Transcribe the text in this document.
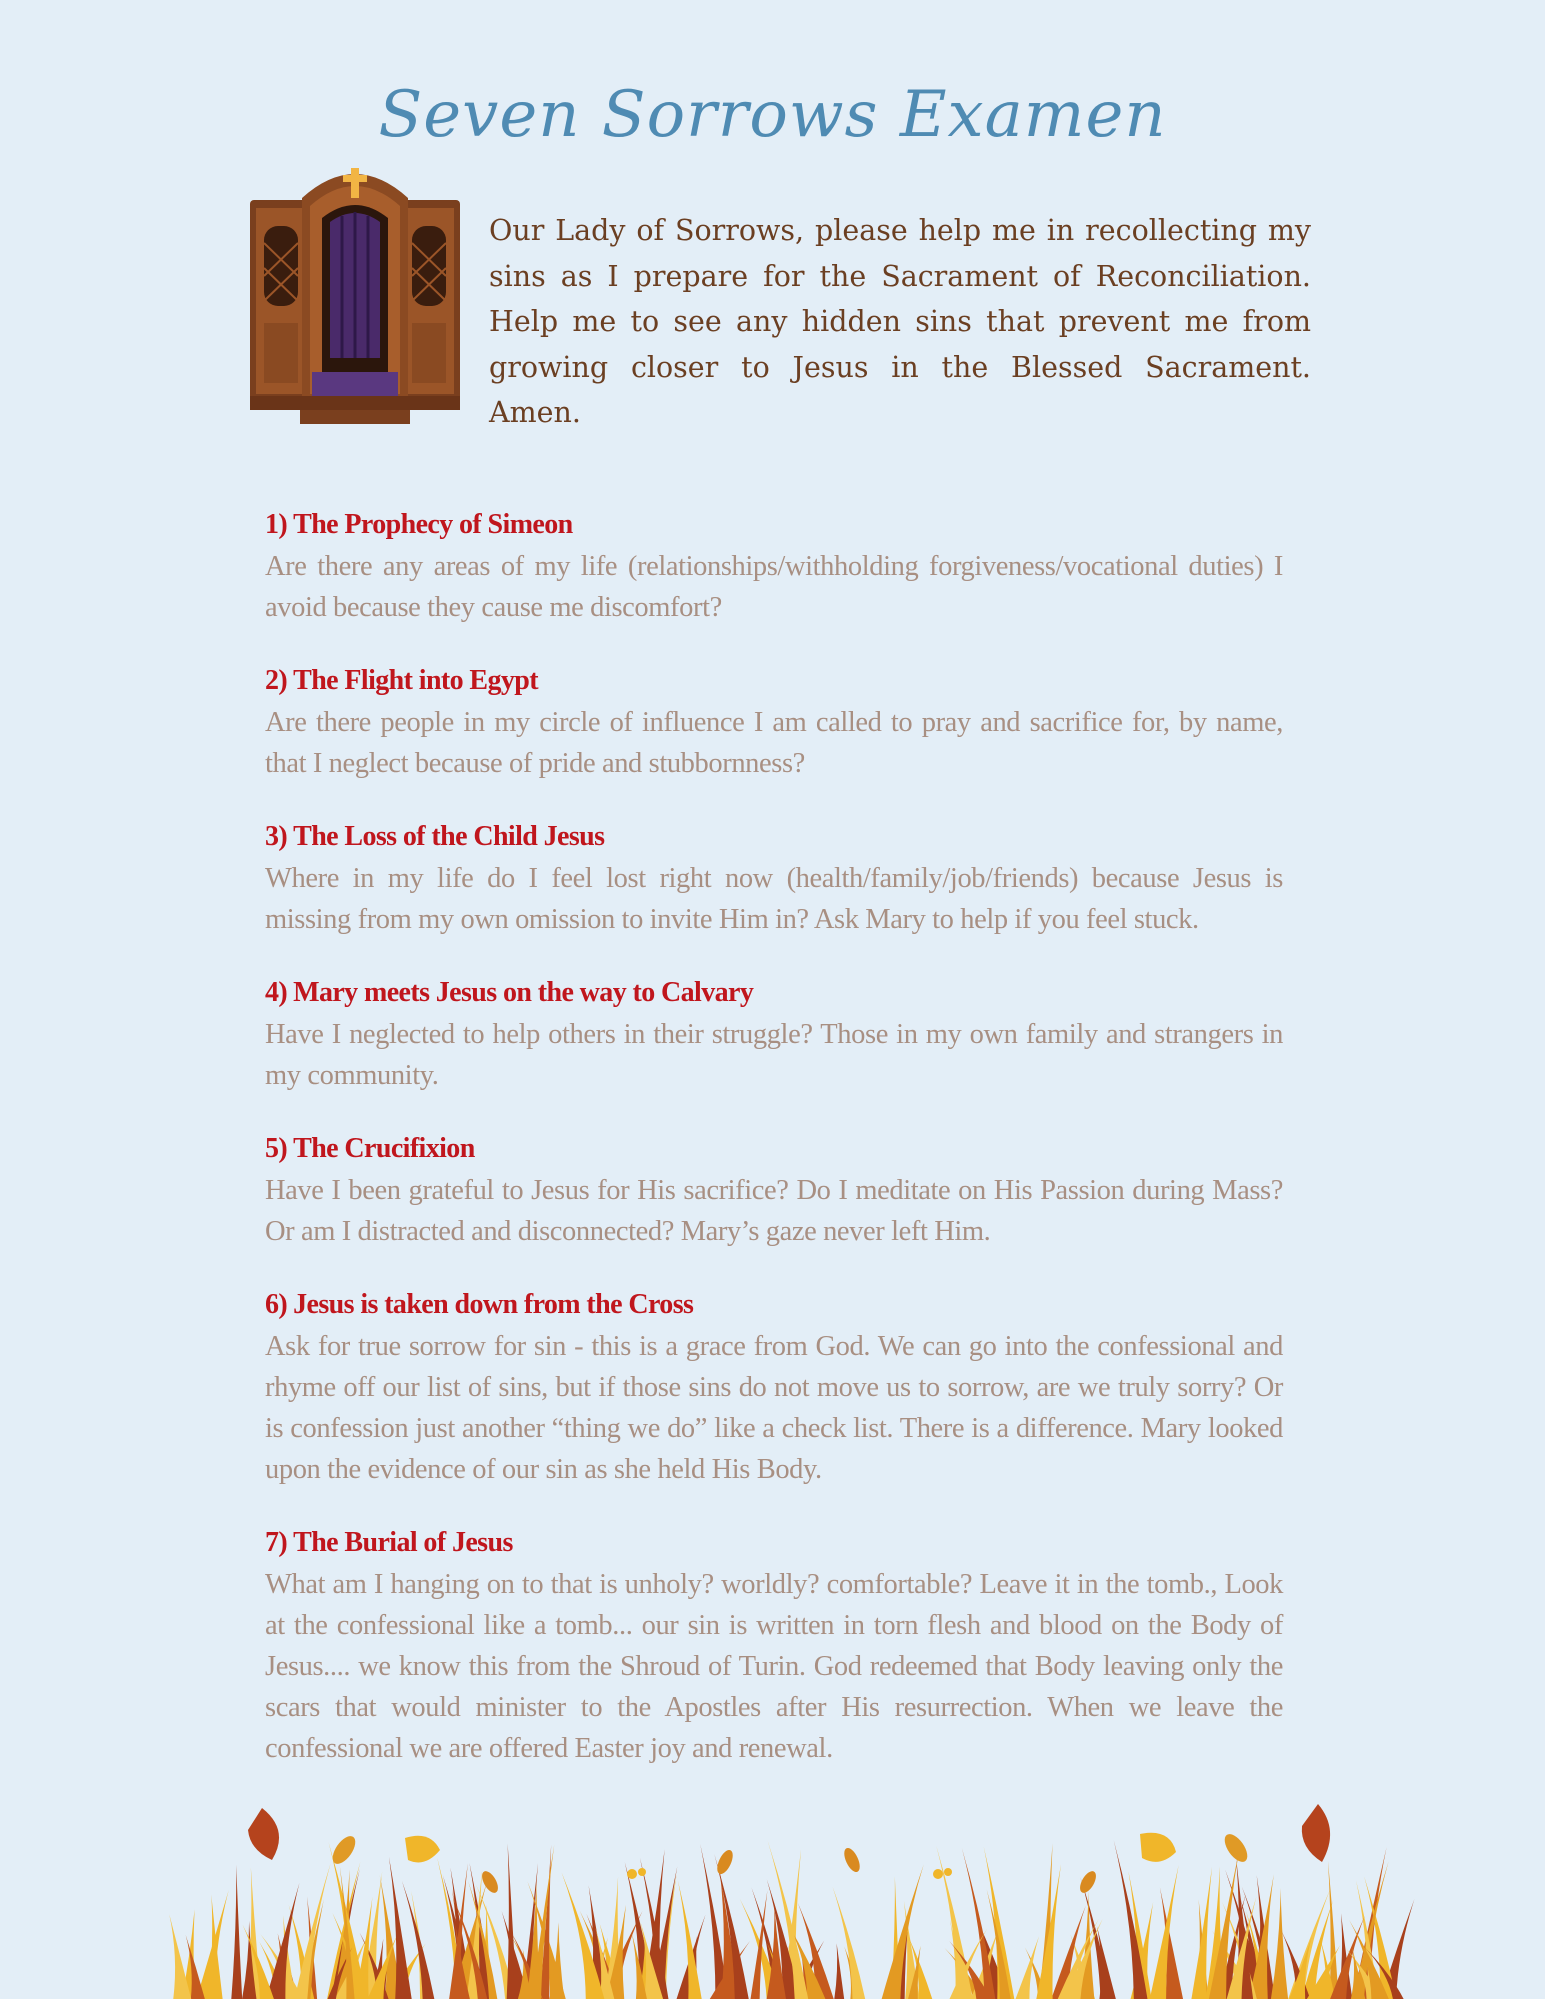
Seven Sorrows Examen
Our Lady of Sorrows, please help me in recollecting my sins as I prepare for the Sacrament of Reconciliation. Help me to see any hidden sins that prevent me from growing closer to Jesus in the Blessed Sacrament. Amen.
1) The Prophecy of Simeon
Are there any areas of my life (relationships/withholding forgiveness/vocational duties) I avoid because they cause me discomfort?
2) The Flight into Egypt
Are there people in my circle of influence I am called to pray and sacrifice for, by name, that I neglect because of pride and stubbornness?
3) The Loss of the Child Jesus
Where in my life do I feel lost right now (health/family/job/friends) because Jesus is missing from my own omission to invite Him in? Ask Mary to help if you feel stuck.
4) Mary meets Jesus on the way to Calvary
Have I neglected to help others in their struggle? Those in my own family and strangers in my community.
5) The Crucifixion
Have I been grateful to Jesus for His sacrifice? Do I meditate on His Passion during Mass? Or am I distracted and disconnected? Mary’s gaze never left Him.
6) Jesus is taken down from the Cross
Ask for true sorrow for sin - this is a grace from God. We can go into the confessional and rhyme off our list of sins, but if those sins do not move us to sorrow, are we truly sorry? Or is confession just another “thing we do” like a check list. There is a difference. Mary looked upon the evidence of our sin as she held His Body.
7) The Burial of Jesus
What am I hanging on to that is unholy? worldly? comfortable? Leave it in the tomb., Look at the confessional like a tomb... our sin is written in torn flesh and blood on the Body of Jesus.... we know this from the Shroud of Turin. God redeemed that Body leaving only the scars that would minister to the Apostles after His resurrection. When we leave the confessional we are offered Easter joy and renewal.
